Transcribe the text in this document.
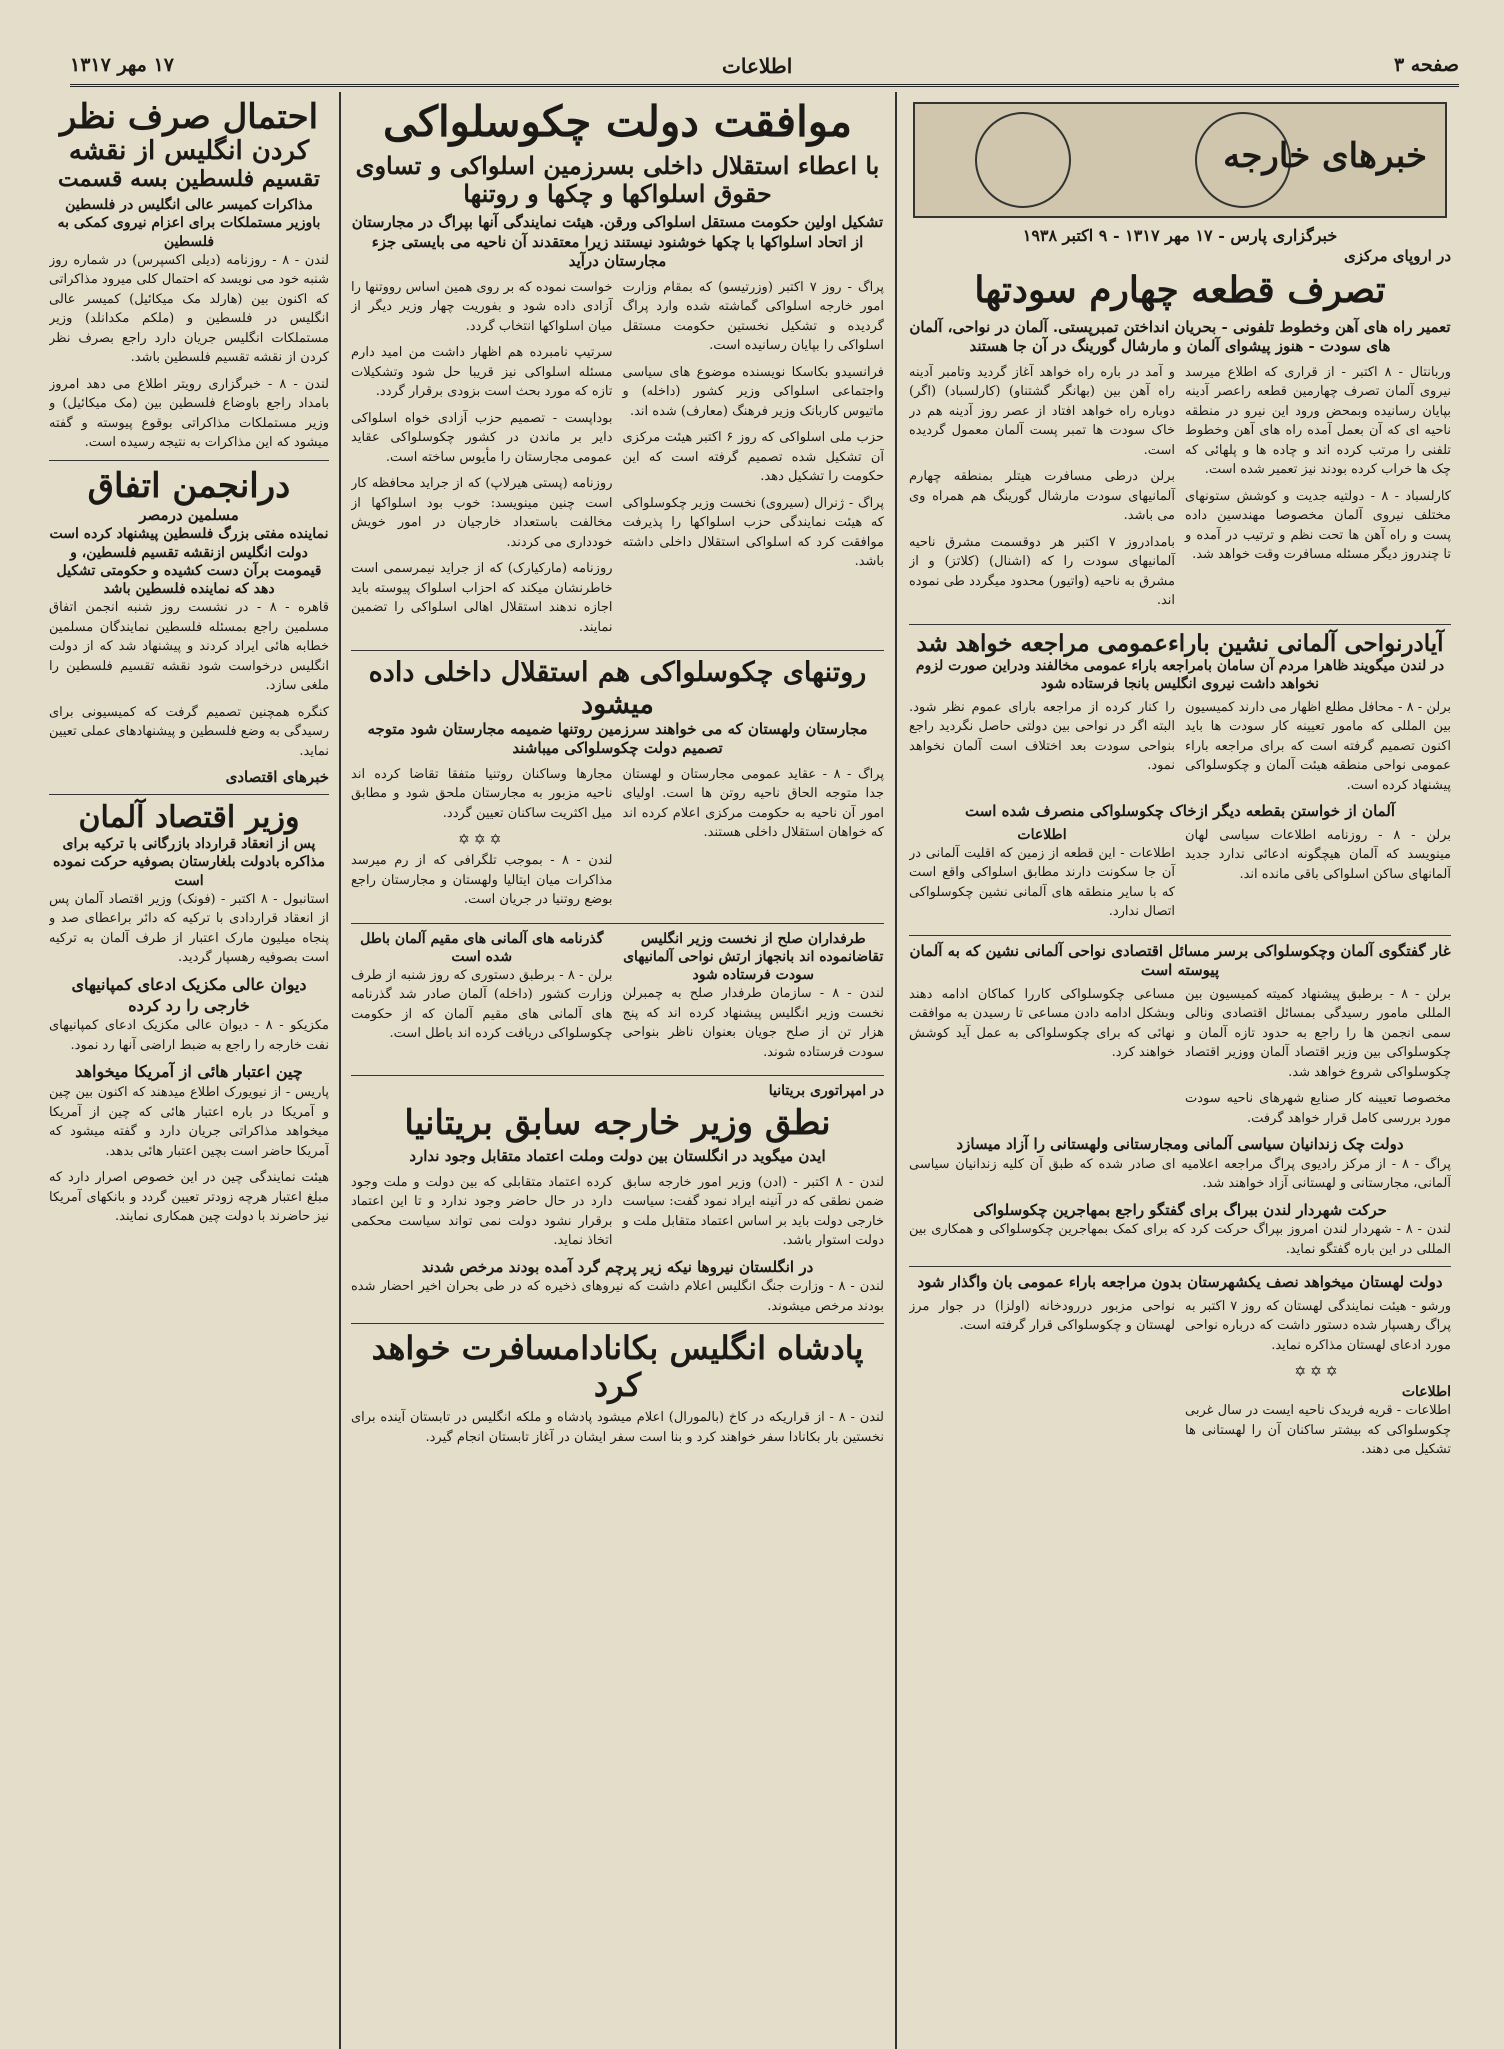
صفحه ۳
اطلاعات
۱۷ مهر ۱۳۱۷
خبرهای خارجه
خبرگزاری پارس - ۱۷ مهر ۱۳۱۷ - ۹ اکتبر ۱۹۳۸
در اروپای مرکزی
تصرف قطعه چهارم سودتها
تعمیر راه های آهن وخطوط تلفونی - بحریان انداختن تمبرپستی. آلمان در نواحی، آلمان های سودت - هنوز پیشوای آلمان و مارشال گورینگ در آن جا هستند

وربانتال - ۸ اکتبر - از قراری که اطلاع میرسد نیروی آلمان تصرف چهارمین قطعه راعصر آدینه بپایان رسانیده وبمحض ورود این نیرو در منطقه ناحیه ای که آن بعمل آمده راه های آهن وخطوط تلفنی را مرتب کرده اند و چاده ها و پلهائی که چک ها خراب کرده بودند نیز تعمیر شده است.

کارلسباد - ۸ - دولتیه جدیت و کوشش ستونهای مختلف نیروی آلمان مخصوصا مهندسین داده پست و راه آهن ها تحت نظم و ترتیب در آمده و تا چندروز دیگر مسئله مسافرت وقت خواهد شد.

و آمد در باره راه خواهد آغاز گردید وتامبر آدینه راه آهن بین (بهانگر گشتناو) (کارلسباد) (اگر) دوباره راه خواهد افتاد از عصر روز آدینه هم در خاک سودت ها تمبر پست آلمان معمول گردیده است.

برلن درطی مسافرت هیتلر بمنطقه چهارم آلمانیهای سودت مارشال گورینگ هم همراه وی می باشد.

بامدادروز ۷ اکتبر هر دوقسمت مشرق ناحیه آلمانیهای سودت را که (اشنال) (کلاتز) و از مشرق به ناحیه (واتیور) محدود میگردد طی نموده اند.

آیادرنواحی آلمانی نشین باراءعمومی مراجعه خواهد شد
در لندن میگویند ظاهرا مردم آن سامان بامراجعه باراء عمومی مخالفند ودراین صورت لزوم نخواهد داشت نیروی انگلیس بانجا فرستاده شود

برلن - ۸ - محافل مطلع اظهار می دارند کمیسیون بین المللی که مامور تعیینه کار سودت ها باید اکنون تصمیم گرفته است که برای مراجعه باراء عمومی نواحی منطقه هیئت آلمان و چکوسلواکی پیشنهاد کرده است.

را کنار کرده از مراجعه بارای عموم نظر شود. البته اگر در نواحی بین دولتی حاصل نگردید راجع بنواحی سودت بعد اختلاف است آلمان نخواهد نمود.

آلمان از خواستن بقطعه دیگر ازخاک چکوسلواکی منصرف شده است

برلن - ۸ - روزنامه اطلاعات سیاسی لهان مینویسد که آلمان هیچگونه ادعائی ندارد جدید آلمانهای ساکن اسلواکی باقی مانده اند.

اطلاعات

اطلاعات - این قطعه از زمین که اقلیت آلمانی در آن جا سکونت دارند مطابق اسلواکی واقع است که با سایر منطقه های آلمانی نشین چکوسلواکی اتصال ندارد.

غار گفتگوی آلمان وچکوسلواکی برسر مسائل اقتصادی نواحی آلمانی نشین که به آلمان پیوسته است

برلن - ۸ - برطبق پیشنهاد کمیته کمیسیون بین المللی مامور رسیدگی بمسائل اقتصادی ونالی سمی انجمن ها را راجع به حدود تازه آلمان و چکوسلواکی بین وزیر اقتصاد آلمان ووزیر اقتصاد چکوسلواکی شروع خواهد شد.

مخصوصا تعیینه کار صنایع شهرهای ناحیه سودت مورد بررسی کامل قرار خواهد گرفت.

مساعی چکوسلواکی کاررا کماکان ادامه دهند وبشکل ادامه دادن مساعی تا رسیدن به موافقت نهائی که برای چکوسلواکی به عمل آید کوشش خواهند کرد.

دولت چک زندانیان سیاسی آلمانی ومجارستانی ولهستانی را آزاد میسازد

پراگ - ۸ - از مرکز رادیوی پراگ مراجعه اعلامیه ای صادر شده که طبق آن کلیه زندانیان سیاسی آلمانی، مجارستانی و لهستانی آزاد خواهند شد.

حرکت شهردار لندن ببراگ برای گفتگو راجع بمهاجرین چکوسلواکی

لندن - ۸ - شهردار لندن امروز بپراگ حرکت کرد که برای کمک بمهاجرین چکوسلواکی و همکاری بین المللی در این باره گفتگو نماید.

دولت لهستان میخواهد نصف یکشهرستان بدون مراجعه باراء عمومی بان واگذار شود

ورشو - هیئت نمایندگی لهستان که روز ۷ اکتبر به پراگ رهسپار شده دستور داشت که درباره نواحی مورد ادعای لهستان مذاکره نماید.

✡✡✡
اطلاعات

اطلاعات - قریه فریدک ناحیه ایست در سال غربی چکوسلواکی که بیشتر ساکنان آن را لهستانی ها تشکیل می دهند.

نواحی مزبور دررودخانه (اولزا) در جوار مرز لهستان و چکوسلواکی قرار گرفته است.

موافقت دولت چکوسلواکی
با اعطاء استقلال داخلی بسرزمین اسلواکی و تساوی حقوق اسلواکها و چکها و روتنها
تشکیل اولین حکومت مستقل اسلواکی ورقن. هیئت نمایندگی آنها بپراگ در مجارستان از اتحاد اسلواکها با چکها خوشنود نیستند زیرا معتقدند آن ناحیه می بایستی جزء مجارستان درآید

پراگ - روز ۷ اکتبر (وزرتیسو) که بمقام وزارت امور خارجه اسلواکی گماشته شده وارد پراگ گردیده و تشکیل نخستین حکومت مستقل اسلواکی را بپایان رسانیده است.

فرانسیدو بکاسکا نویسنده موضوع های سیاسی واجتماعی اسلواکی وزیر کشور (داخله) و ماتیوس کاربانک وزیر فرهنگ (معارف) شده اند.

حزب ملی اسلواکی که روز ۶ اکتبر هیئت مرکزی آن تشکیل شده تصمیم گرفته است که این حکومت را تشکیل دهد.

پراگ - ژنرال (سیروی) نخست وزیر چکوسلواکی که هیئت نمایندگی حزب اسلواکها را پذیرفت موافقت کرد که اسلواکی استقلال داخلی داشته باشد.

خواست نموده که بر روی همین اساس رووتنها را آزادی داده شود و بفوریت چهار وزیر دیگر از میان اسلواکها انتخاب گردد.

سرتیپ نامبرده هم اظهار داشت من امید دارم مسئله اسلواکی نیز قریبا حل شود وتشکیلات تازه که مورد بحث است بزودی برقرار گردد.

بوداپست - تصمیم حزب آزادی خواه اسلواکی دایر بر ماندن در کشور چکوسلواکی عقاید عمومی مجارستان را مأیوس ساخته است.

روزنامه (پستی هیرلاپ) که از جراید محافظه کار است چنین مینویسد: خوب بود اسلواکها از مخالفت باستعداد خارجیان در امور خویش خودداری می کردند.

روزنامه (مارکیارک) که از جراید نیمرسمی است خاطرنشان میکند که احزاب اسلواک پیوسته باید اجازه ندهند استقلال اهالی اسلواکی را تضمین نمایند.

روتنهای چکوسلواکی هم استقلال داخلی داده میشود
مجارستان ولهستان که می خواهند سرزمین روتنها ضمیمه مجارستان شود متوجه تصمیم دولت چکوسلواکی میباشند

پراگ - ۸ - عقاید عمومی مجارستان و لهستان جدا متوجه الحاق ناحیه روتن ها است. اولیای امور آن ناحیه به حکومت مرکزی اعلام کرده اند که خواهان استقلال داخلی هستند.

مجارها وساکنان روتنیا متفقا تقاضا کرده اند ناحیه مزبور به مجارستان ملحق شود و مطابق میل اکثریت ساکنان تعیین گردد.

✡✡✡

لندن - ۸ - بموجب تلگرافی که از رم میرسد مذاکرات میان ایتالیا ولهستان و مجارستان راجع بوضع روتنیا در جریان است.

طرفداران صلح از نخست وزیر انگلیس تقاضانموده اند بانجهاز ارتش نواحی آلمانیهای سودت فرستاده شود

لندن - ۸ - سازمان طرفدار صلح به چمبرلن نخست وزیر انگلیس پیشنهاد کرده اند که پنج هزار تن از صلح جویان بعنوان ناظر بنواحی سودت فرستاده شوند.

گذرنامه های آلمانی های مقیم آلمان باطل شده است

برلن - ۸ - برطبق دستوری که روز شنبه از طرف وزارت کشور (داخله) آلمان صادر شد گذرنامه های آلمانی های مقیم آلمان که از حکومت چکوسلواکی دریافت کرده اند باطل است.

در امپراتوری بریتانیا
نطق وزیر خارجه سابق بریتانیا
ایدن میگوید در انگلستان بین دولت وملت اعتماد متقابل وجود ندارد

لندن - ۸ اکتبر - (ادن) وزیر امور خارجه سابق ضمن نطقی که در آنینه ایراد نمود گفت: سیاست خارجی دولت باید بر اساس اعتماد متقابل ملت و دولت استوار باشد.

کرده اعتماد متقابلی که بین دولت و ملت وجود دارد در حال حاضر وجود ندارد و تا این اعتماد برقرار نشود دولت نمی تواند سیاست محکمی اتخاذ نماید.

در انگلستان نیروها نیکه زیر پرچم گرد آمده بودند مرخص شدند

لندن - ۸ - وزارت جنگ انگلیس اعلام داشت که نیروهای ذخیره که در طی بحران اخیر احضار شده بودند مرخص میشوند.

پادشاه انگلیس بکانادامسافرت خواهد کرد

لندن - ۸ - از قراریکه در کاخ (بالمورال) اعلام میشود پادشاه و ملکه انگلیس در تابستان آینده برای نخستین بار بکانادا سفر خواهند کرد و بنا است سفر ایشان در آغاز تابستان انجام گیرد.

احتمال صرف نظر
کردن انگلیس از نقشه
تقسیم فلسطین بسه قسمت
مذاکرات کمیسر عالی انگلیس در فلسطین باوزیر مستملکات برای اعزام نیروی کمکی به فلسطین

لندن - ۸ - روزنامه (دیلی اکسپرس) در شماره روز شنبه خود می نویسد که احتمال کلی میرود مذاکراتی که اکنون بین (هارلد مک میکائیل) کمیسر عالی انگلیس در فلسطین و (ملکم مکدانلد) وزیر مستملکات انگلیس جریان دارد راجع بصرف نظر کردن از نقشه تقسیم فلسطین باشد.

لندن - ۸ - خبرگزاری رویتر اطلاع می دهد امروز بامداد راجع باوضاع فلسطین بین (مک میکائیل) و وزیر مستملکات مذاکراتی بوقوع پیوسته و گفته میشود که این مذاکرات به نتیجه رسیده است.

درانجمن اتفاق
مسلمین درمصر
نماینده مفتی بزرگ فلسطین پیشنهاد کرده است دولت انگلیس ازنقشه تقسیم فلسطین، و قیمومت برآن دست کشیده و حکومتی تشکیل دهد که نماینده فلسطین باشد

قاهره - ۸ - در نشست روز شنبه انجمن اتفاق مسلمین راجع بمسئله فلسطین نمایندگان مسلمین خطابه هائی ایراد کردند و پیشنهاد شد که از دولت انگلیس درخواست شود نقشه تقسیم فلسطین را ملغی سازد.

کنگره همچنین تصمیم گرفت که کمیسیونی برای رسیدگی به وضع فلسطین و پیشنهادهای عملی تعیین نماید.

خبرهای اقتصادی
وزیر اقتصاد آلمان
پس از انعقاد قرارداد بازرگانی با ترکیه برای مذاکره بادولت بلغارستان بصوفیه حرکت نموده است

استانبول - ۸ اکتبر - (فونک) وزیر اقتصاد آلمان پس از انعقاد قراردادی با ترکیه که دائر براعطای صد و پنجاه میلیون مارک اعتبار از طرف آلمان به ترکیه است بصوفیه رهسپار گردید.

دیوان عالی مکزیک ادعای کمپانیهای خارجی را رد کرده

مکزیکو - ۸ - دیوان عالی مکزیک ادعای کمپانیهای نفت خارجه را راجع به ضبط اراضی آنها رد نمود.

چین اعتبار هائی از آمریکا میخواهد

پاریس - از نیویورک اطلاع میدهند که اکنون بین چین و آمریکا در باره اعتبار هائی که چین از آمریکا میخواهد مذاکراتی جریان دارد و گفته میشود که آمریکا حاضر است بچین اعتبار هائی بدهد.

هیئت نمایندگی چین در این خصوص اصرار دارد که مبلغ اعتبار هرچه زودتر تعیین گردد و بانکهای آمریکا نیز حاضرند با دولت چین همکاری نمایند.
